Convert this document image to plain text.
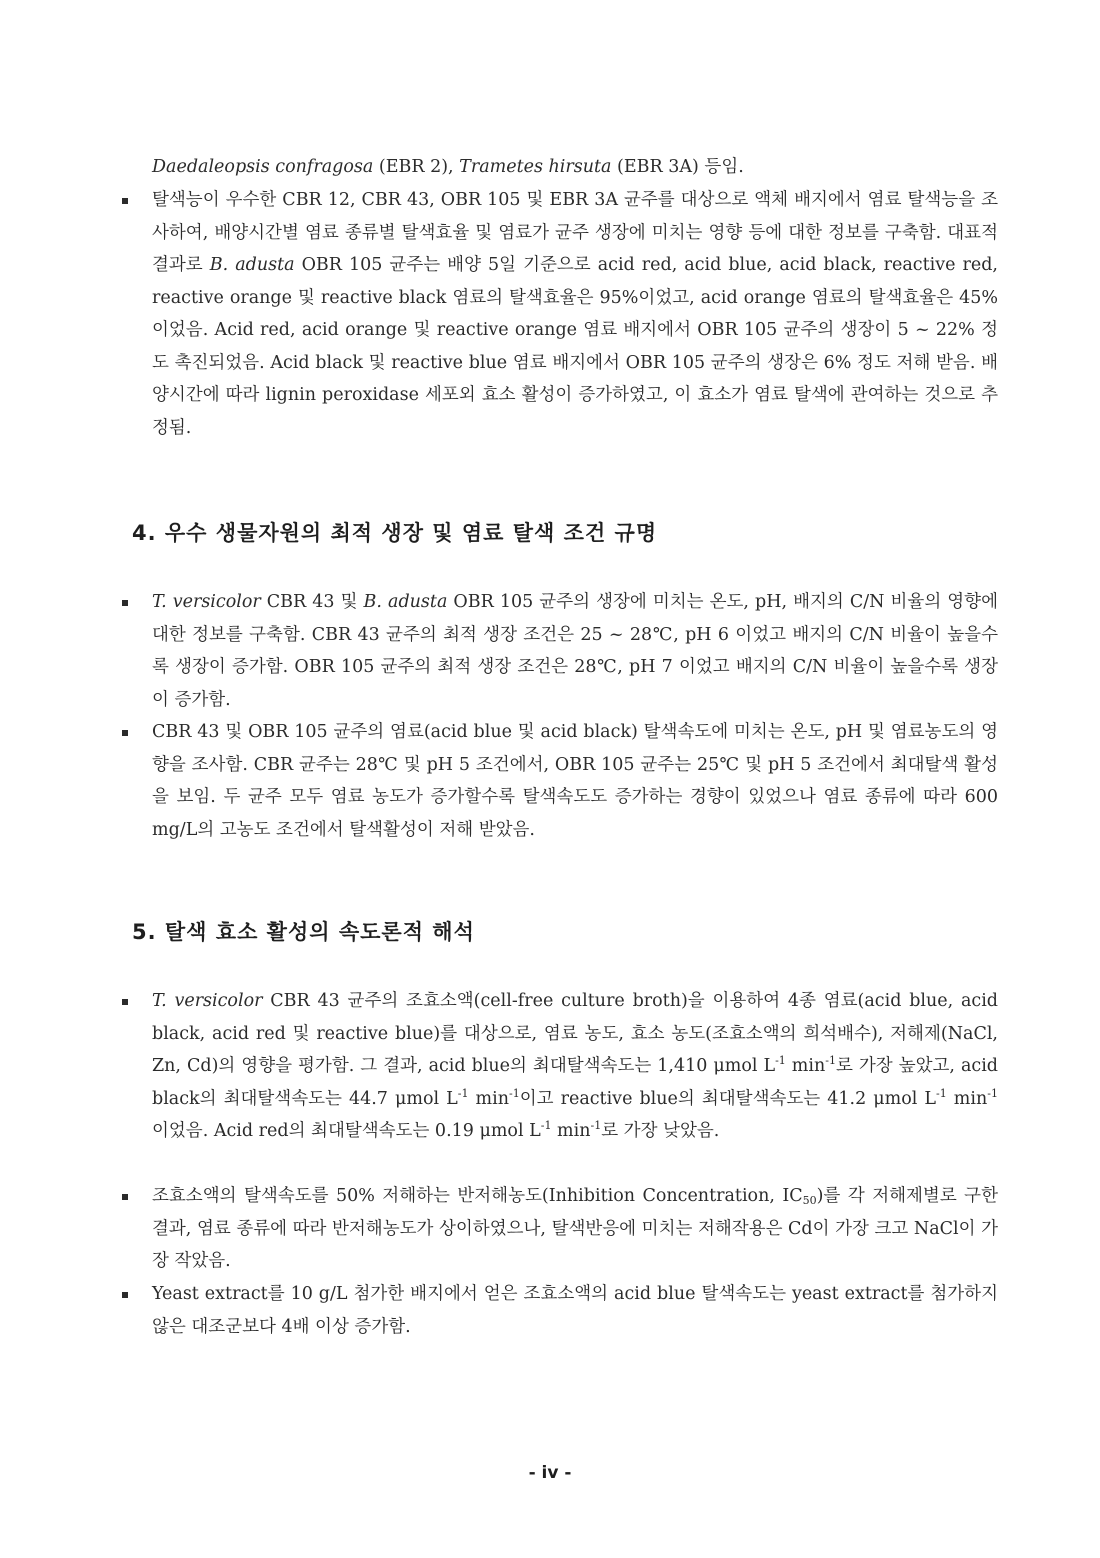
Daedaleopsis confragosa (EBR 2), Trametes hirsuta (EBR 3A) 등임.
탈색능이 우수한 CBR 12, CBR 43, OBR 105 및 EBR 3A 균주를 대상으로 액체 배지에서 염료 탈색능을 조사하여, 배양시간별 염료 종류별 탈색효율 및 염료가 균주 생장에 미치는 영향 등에 대한 정보를 구축함. 대표적 결과로 B. adusta OBR 105 균주는 배양 5일 기준으로 acid red, acid blue, acid black, reactive red, reactive orange 및 reactive black 염료의 탈색효율은 95%이었고, acid orange 염료의 탈색효율은 45%이었음. Acid red, acid orange 및 reactive orange 염료 배지에서 OBR 105 균주의 생장이 5 ~ 22% 정도 촉진되었음. Acid black 및 reactive blue 염료 배지에서 OBR 105 균주의 생장은 6% 정도 저해 받음. 배양시간에 따라 lignin peroxidase 세포외 효소 활성이 증가하였고, 이 효소가 염료 탈색에 관여하는 것으로 추정됨.
4. 우수 생물자원의 최적 생장 및 염료 탈색 조건 규명
T. versicolor CBR 43 및 B. adusta OBR 105 균주의 생장에 미치는 온도, pH, 배지의 C/N 비율의 영향에 대한 정보를 구축함. CBR 43 균주의 최적 생장 조건은 25 ~ 28℃, pH 6 이었고 배지의 C/N 비율이 높을수록 생장이 증가함. OBR 105 균주의 최적 생장 조건은 28℃, pH 7 이었고 배지의 C/N 비율이 높을수록 생장이 증가함.
CBR 43 및 OBR 105 균주의 염료(acid blue 및 acid black) 탈색속도에 미치는 온도, pH 및 염료농도의 영향을 조사함. CBR 균주는 28℃ 및 pH 5 조건에서, OBR 105 균주는 25℃ 및 pH 5 조건에서 최대탈색 활성을 보임. 두 균주 모두 염료 농도가 증가할수록 탈색속도도 증가하는 경향이 있었으나 염료 종류에 따라 600 mg/L의 고농도 조건에서 탈색활성이 저해 받았음.
5. 탈색 효소 활성의 속도론적 해석
T. versicolor CBR 43 균주의 조효소액(cell-free culture broth)을 이용하여 4종 염료(acid blue, acid black, acid red 및 reactive blue)를 대상으로, 염료 농도, 효소 농도(조효소액의 희석배수), 저해제(NaCl, Zn, Cd)의 영향을 평가함. 그 결과, acid blue의 최대탈색속도는 1,410 μmol $L^{-1}$ $\min^{-1}$로 가장 높았고, acid black의 최대탈색속도는 44.7 μmol $L^{-1}$ $\min^{-1}$이고 reactive blue의 최대탈색속도는 41.2 μmol $L^{-1}$ $\min^{-1}$ 이었음. Acid red의 최대탈색속도는 0.19 μmol $L^{-1}$ $\min^{-1}$로 가장 낮았음.
조효소액의 탈색속도를 50% 저해하는 반저해농도(Inhibition Concentration, $IC_{50}$)를 각 저해제별로 구한 결과, 염료 종류에 따라 반저해농도가 상이하였으나, 탈색반응에 미치는 저해작용은 Cd이 가장 크고 NaCl이 가장 작았음.
Yeast extract를 10 g/L 첨가한 배지에서 얻은 조효소액의 acid blue 탈색속도는 yeast extract를 첨가하지 않은 대조군보다 4배 이상 증가함.
- iv -
